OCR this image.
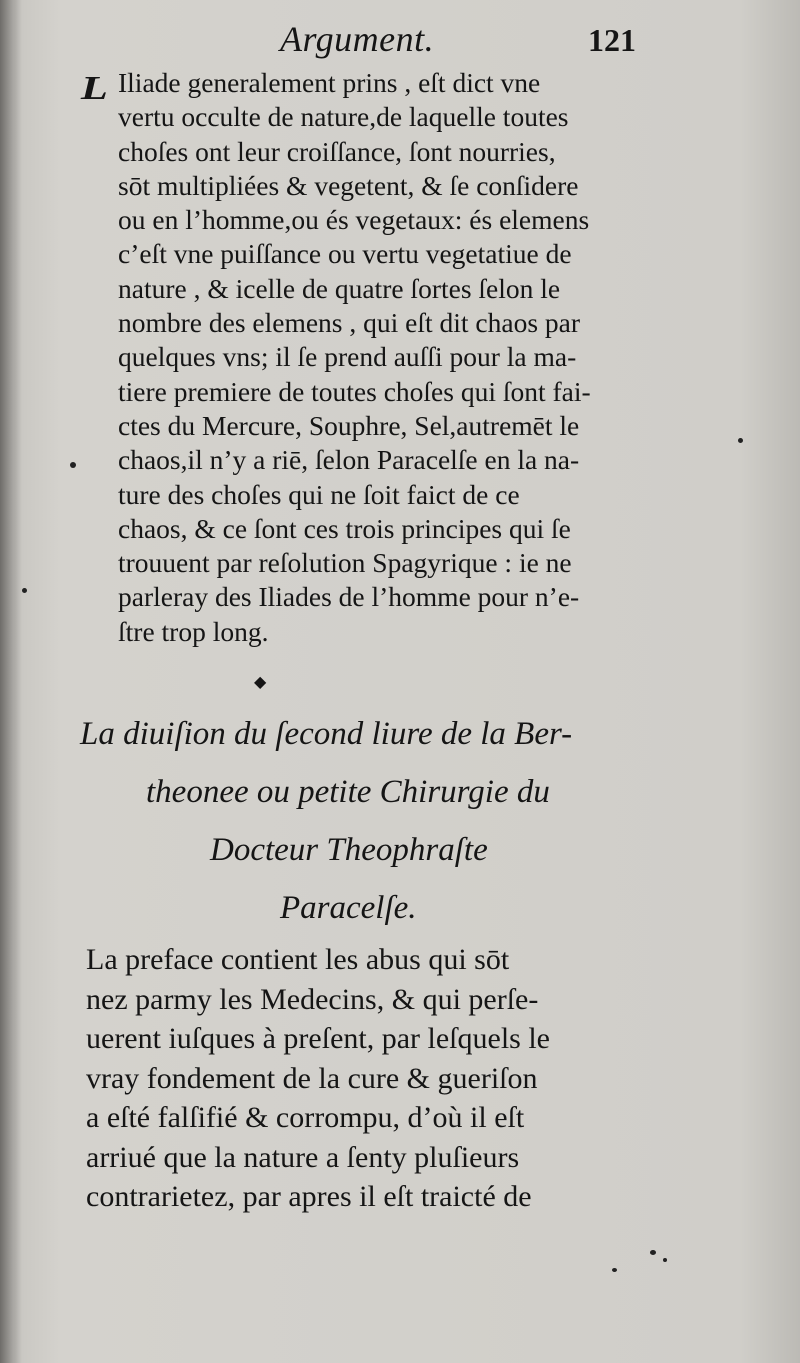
Argument.	121
L Iliade generalement prins , eſt dict vne
vertu occulte de nature,de laquelle toutes
choſes ont leur croiſſance, ſont nourries,
sōt multipliées & vegetent, & ſe conſidere
ou en l’homme,ou és vegetaux: és elemens
c’eſt vne puiſſance ou vertu vegetatiue de
nature , & icelle de quatre ſortes ſelon le
nombre des elemens , qui eſt dit chaos par
quelques vns; il ſe prend auſſi pour la ma-
tiere premiere de toutes choſes qui ſont fai-
ctes du Mercure, Souphre, Sel,autremēt le
chaos,il n’y a riē, ſelon Paracelſe en la na-
ture des choſes qui ne ſoit faict de ce
chaos, & ce ſont ces trois principes qui ſe
trouuent par reſolution Spagyrique : ie ne
parleray des Iliades de l’homme pour n’e-
ſtre trop long.
◆
La diuiſion du ſecond liure de la Ber-
theonee ou petite Chirurgie du
Docteur Theophraſte
Paracelſe.
La preface contient les abus qui sōt
nez parmy les Medecins, & qui perſe-
uerent iuſques à preſent, par leſquels le
vray fondement de la cure & gueriſon
a eſté falſifié & corrompu, d’où il eſt
arriué que la nature a ſenty pluſieurs
contrarietez, par apres il eſt traicté de
